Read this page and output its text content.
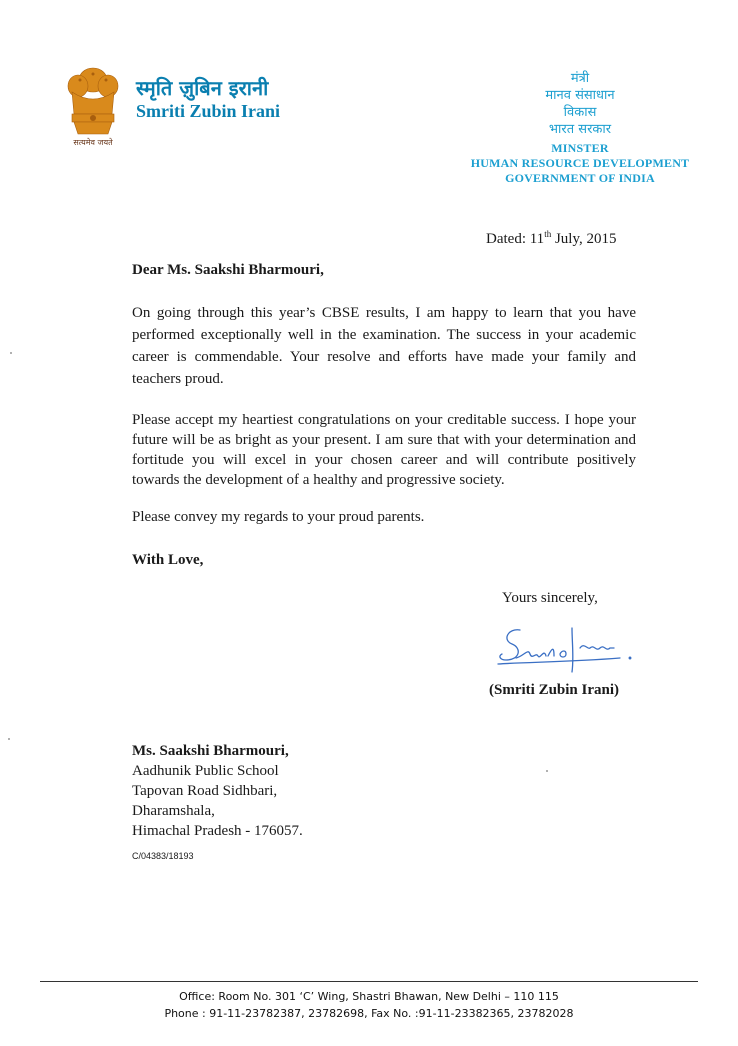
सत्यमेव जयते
स्मृति ज़ुबिन इरानी
Smriti Zubin Irani
मंत्री
मानव संसाधान
विकास
भारत सरकार
MINSTER
HUMAN RESOURCE DEVELOPMENT
GOVERNMENT OF INDIA
Dated: 11th July, 2015
Dear Ms. Saakshi Bharmouri,

On going through this year’s CBSE results, I am happy to learn that you have performed exceptionally well in the examination. The success in your academic career is commendable. Your resolve and efforts have made your family and teachers proud.

Please accept my heartiest congratulations on your creditable success. I hope your future will be as bright as your present. I am sure that with your determination and fortitude you will excel in your chosen career and will contribute positively towards the development of a healthy and progressive society.

Please convey my regards to your proud parents.

With Love,
Yours sincerely,
(Smriti Zubin Irani)
Ms. Saakshi Bharmouri,
Aadhunik Public School
Tapovan Road Sidhbari,
Dharamshala,
Himachal Pradesh - 176057.
C/04383/18193
Office: Room No. 301 ‘C’ Wing, Shastri Bhawan, New Delhi – 110 115
Phone : 91-11-23782387, 23782698, Fax No. :91-11-23382365, 23782028
